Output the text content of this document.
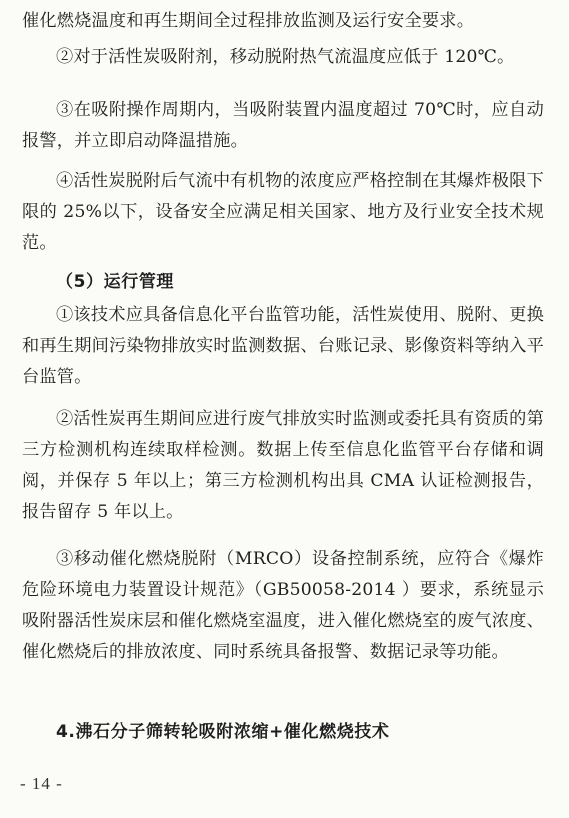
催化燃烧温度和再生期间全过程排放监测及运行安全要求。

②对于活性炭吸附剂，移动脱附热气流温度应低于 120℃。

③在吸附操作周期内，当吸附装置内温度超过 70℃时，应自动报警，并立即启动降温措施。

④活性炭脱附后气流中有机物的浓度应严格控制在其爆炸极限下限的 25%以下，设备安全应满足相关国家、地方及行业安全技术规范。

（5）运行管理

①该技术应具备信息化平台监管功能，活性炭使用、脱附、更换和再生期间污染物排放实时监测数据、台账记录、影像资料等纳入平台监管。

②活性炭再生期间应进行废气排放实时监测或委托具有资质的第三方检测机构连续取样检测。数据上传至信息化监管平台存储和调阅，并保存 5 年以上；第三方检测机构出具 CMA 认证检测报告，报告留存 5 年以上。

③移动催化燃烧脱附（MRCO）设备控制系统，应符合《爆炸危险环境电力装置设计规范》（GB50058-2014 ）要求，系统显示吸附器活性炭床层和催化燃烧室温度，进入催化燃烧室的废气浓度、催化燃烧后的排放浓度、同时系统具备报警、数据记录等功能。

4.沸石分子筛转轮吸附浓缩+催化燃烧技术

- 14 -
